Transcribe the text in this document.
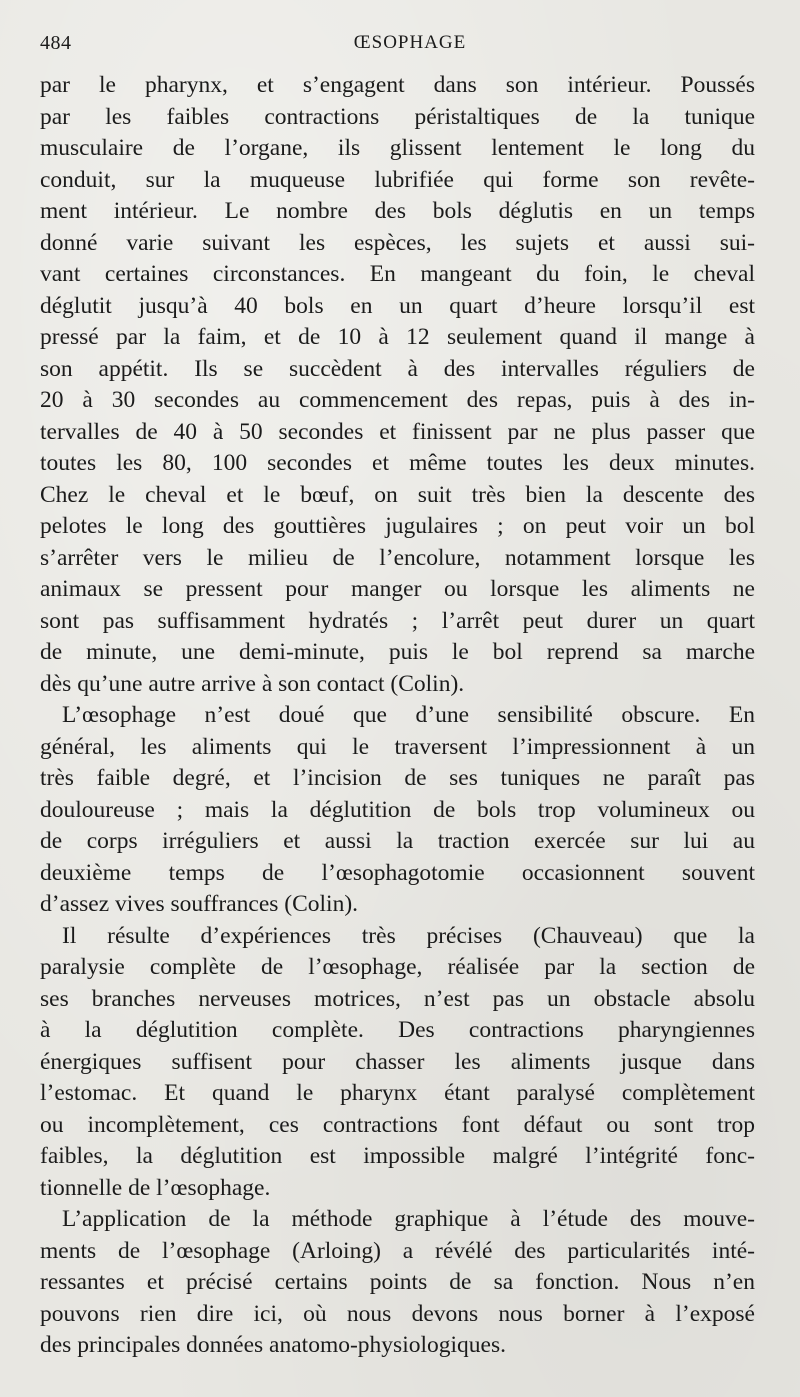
484	ŒSOPHAGE
par le pharynx, et s’engagent dans son intérieur. Poussés
par les faibles contractions péristaltiques de la tunique
musculaire de l’organe, ils glissent lentement le long du
conduit, sur la muqueuse lubrifiée qui forme son revête-
ment intérieur. Le nombre des bols déglutis en un temps
donné varie suivant les espèces, les sujets et aussi sui-
vant certaines circonstances. En mangeant du foin, le cheval
déglutit jusqu’à 40 bols en un quart d’heure lorsqu’il est
pressé par la faim, et de 10 à 12 seulement quand il mange à
son appétit. Ils se succèdent à des intervalles réguliers de
20 à 30 secondes au commencement des repas, puis à des in-
tervalles de 40 à 50 secondes et finissent par ne plus passer que
toutes les 80, 100 secondes et même toutes les deux minutes.
Chez le cheval et le bœuf, on suit très bien la descente des
pelotes le long des gouttières jugulaires ; on peut voir un bol
s’arrêter vers le milieu de l’encolure, notamment lorsque les
animaux se pressent pour manger ou lorsque les aliments ne
sont pas suffisamment hydratés ; l’arrêt peut durer un quart
de minute, une demi-minute, puis le bol reprend sa marche
dès qu’une autre arrive à son contact (Colin).
L’œsophage n’est doué que d’une sensibilité obscure. En
général, les aliments qui le traversent l’impressionnent à un
très faible degré, et l’incision de ses tuniques ne paraît pas
douloureuse ; mais la déglutition de bols trop volumineux ou
de corps irréguliers et aussi la traction exercée sur lui au
deuxième temps de l’œsophagotomie occasionnent souvent
d’assez vives souffrances (Colin).
Il résulte d’expériences très précises (Chauveau) que la
paralysie complète de l’œsophage, réalisée par la section de
ses branches nerveuses motrices, n’est pas un obstacle absolu
à la déglutition complète. Des contractions pharyngiennes
énergiques suffisent pour chasser les aliments jusque dans
l’estomac. Et quand le pharynx étant paralysé complètement
ou incomplètement, ces contractions font défaut ou sont trop
faibles, la déglutition est impossible malgré l’intégrité fonc-
tionnelle de l’œsophage.
L’application de la méthode graphique à l’étude des mouve-
ments de l’œsophage (Arloing) a révélé des particularités inté-
ressantes et précisé certains points de sa fonction. Nous n’en
pouvons rien dire ici, où nous devons nous borner à l’exposé
des principales données anatomo-physiologiques.
